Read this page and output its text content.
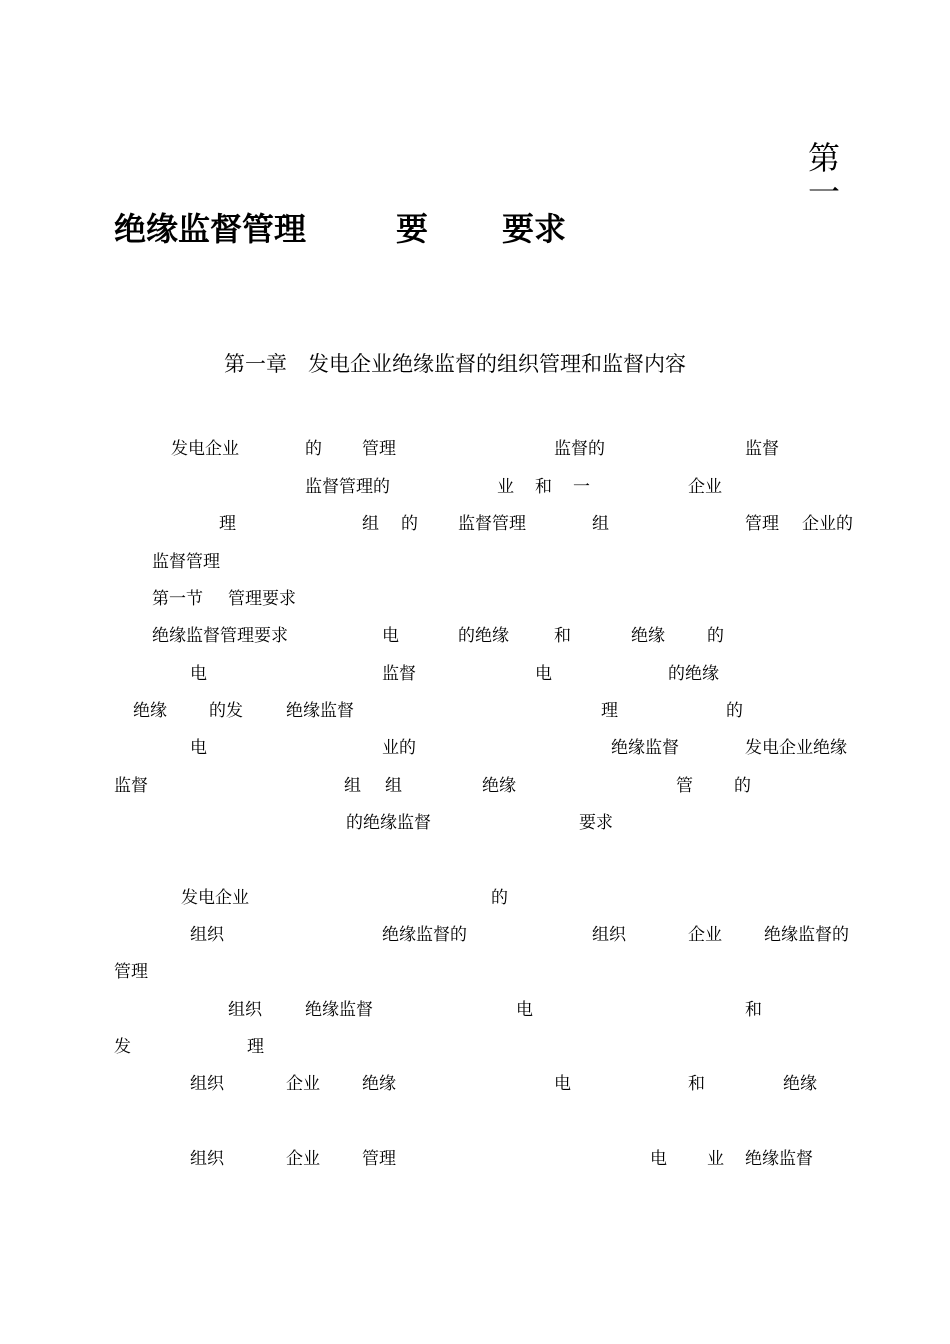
第
一
绝缘监督管理	要 要求
第一章　发电企业绝缘监督的组织管理和监督内容
发电企业	的 管理	监督的	监督
监督管理的	业 和 一	企业
理	组 的 监督管理	组	管理 企业的
监督管理
第一节 管理要求
绝缘监督管理要求	电	的绝缘	和	绝缘 的
电	监督	电	的绝缘
绝缘 的发	绝缘监督	理	的
电	业的	绝缘监督	发电企业绝缘
监督	组 组	绝缘	管 的
的绝缘监督	要求
发电企业	的
组织	绝缘监督的	组织	企业 绝缘监督的
管理
组织	绝缘监督	电	和
发	理
组织	企业 绝缘	电	和	绝缘
组织	企业 管理	电 业 绝缘监督
